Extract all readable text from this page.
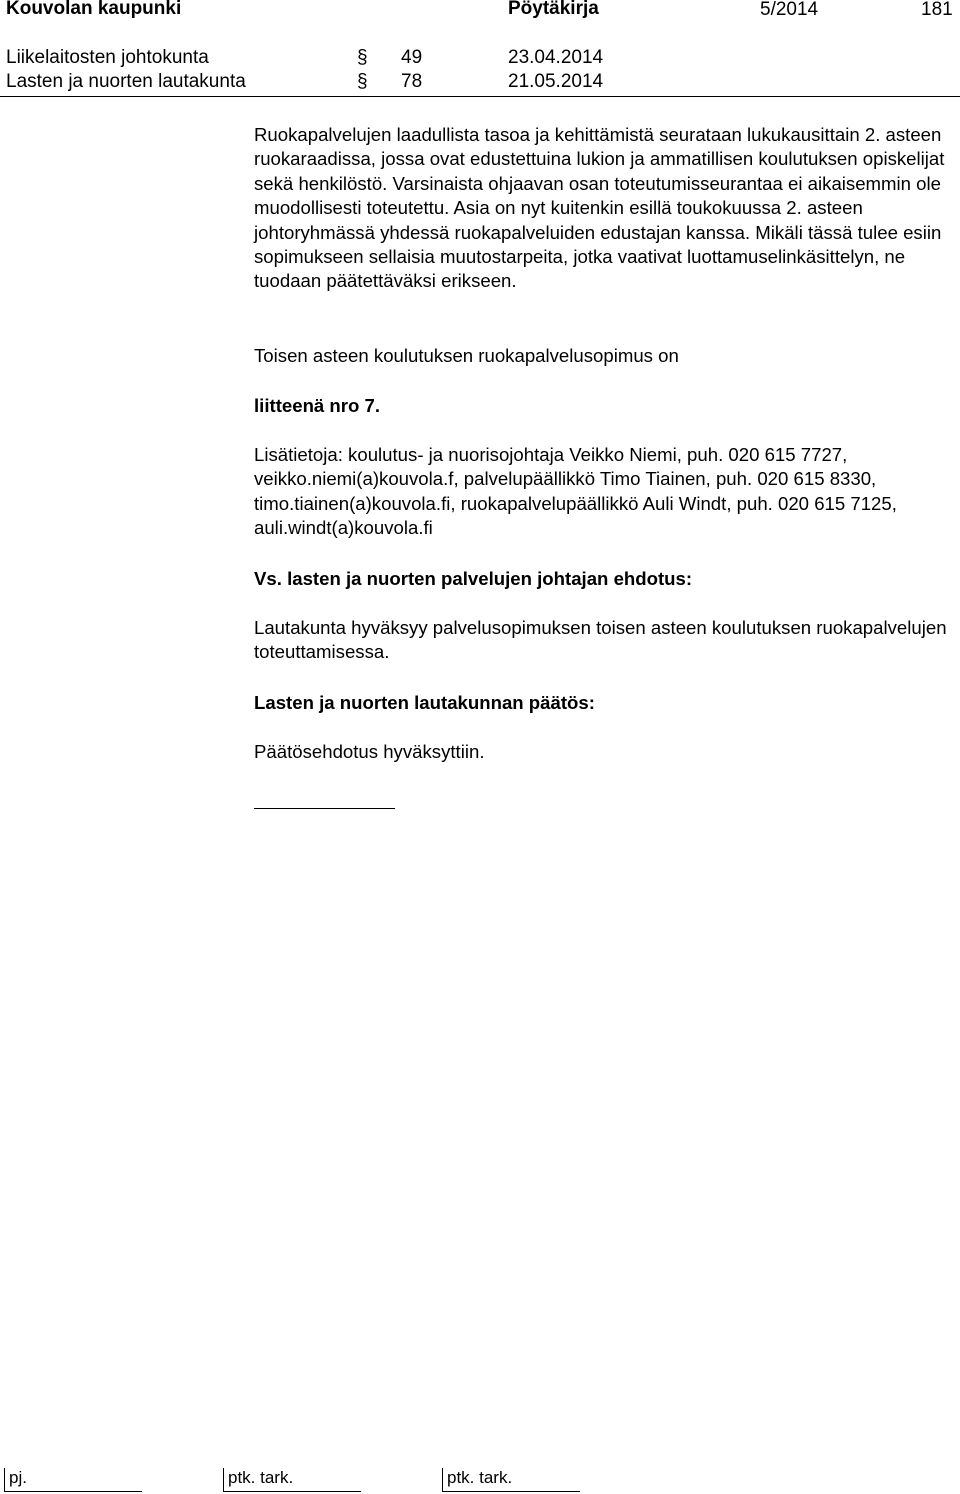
Kouvolan kaupunki	Pöytäkirja	5/2014	181
Liikelaitosten johtokunta	§ 49	23.04.2014
Lasten ja nuorten lautakunta	§ 78	21.05.2014
Ruokapalvelujen laadullista tasoa ja kehittämistä seurataan lukukausittain 2. asteen ruokaraadissa, jossa ovat edustettuina lukion ja ammatillisen koulutuksen opiskelijat sekä henkilöstö. Varsinaista ohjaavan osan toteutumisseurantaa ei aikaisemmin ole muodollisesti toteutettu. Asia on nyt kuitenkin esillä toukokuussa 2. asteen johtoryhmässä yhdessä ruokapalveluiden edustajan kanssa. Mikäli tässä tulee esiin sopimukseen sellaisia muutostarpeita, jotka vaativat luottamuselinkäsittelyn, ne tuodaan päätettäväksi erikseen.
Toisen asteen koulutuksen ruokapalvelusopimus on
liitteenä nro 7.
Lisätietoja: koulutus- ja nuorisojohtaja Veikko Niemi, puh. 020 615 7727, veikko.niemi(a)kouvola.f, palvelupäällikkö Timo Tiainen, puh. 020 615 8330, timo.tiainen(a)kouvola.fi, ruokapalvelupäällikkö Auli Windt, puh. 020 615 7125, auli.windt(a)kouvola.fi
Vs. lasten ja nuorten palvelujen johtajan ehdotus:
Lautakunta hyväksyy palvelusopimuksen toisen asteen koulutuksen ruokapalvelujen toteuttamisessa.
Lasten ja nuorten lautakunnan päätös:
Päätösehdotus hyväksyttiin.
pj.	ptk. tark.	ptk. tark.
